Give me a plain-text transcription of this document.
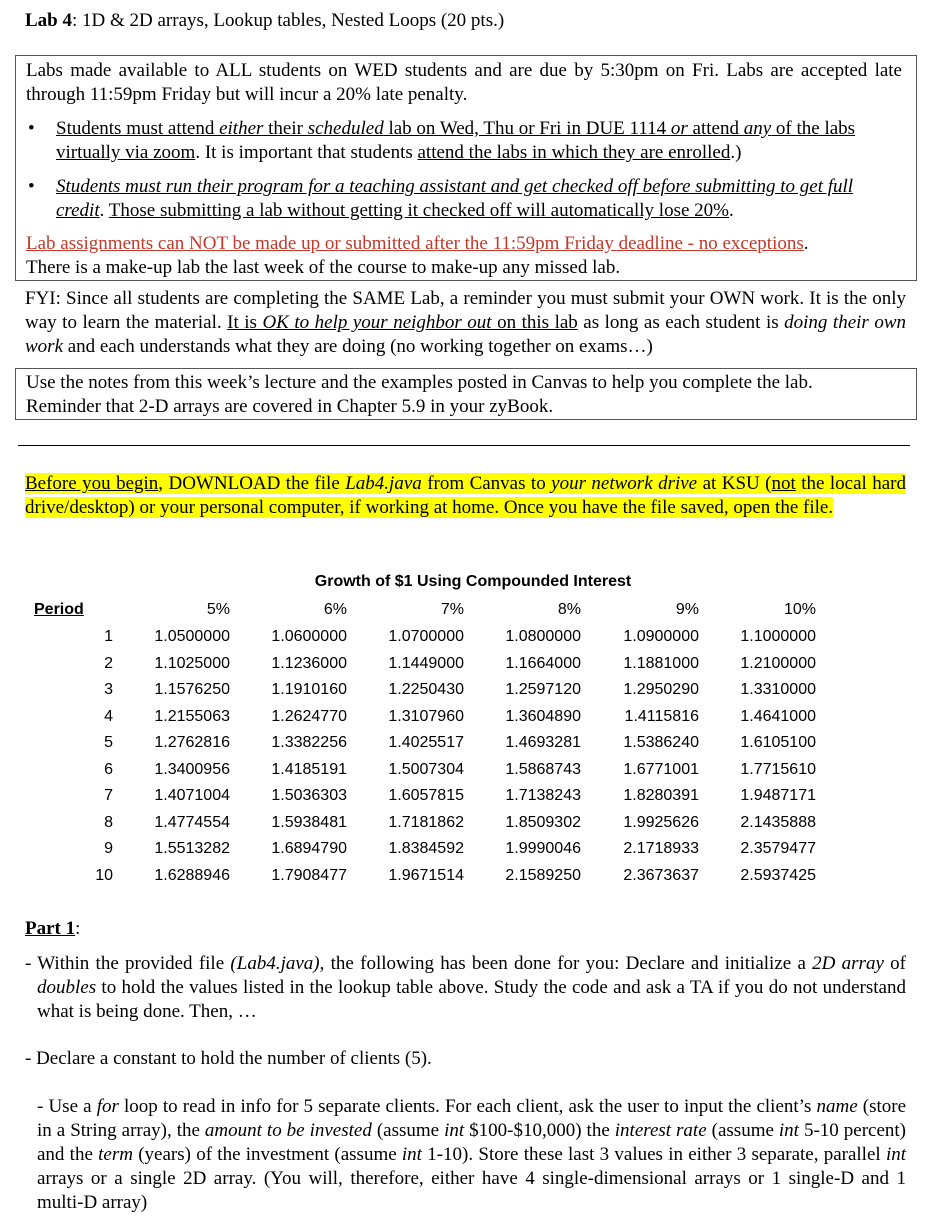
Lab 4: 1D & 2D arrays, Lookup tables, Nested Loops (20 pts.)
Labs made available to ALL students on WED students and are due by 5:30pm on Fri. Labs are accepted late through 11:59pm Friday but will incur a 20% late penalty.
• Students must attend either their scheduled lab on Wed, Thu or Fri in DUE 1114 or attend any of the labs virtually via zoom. It is important that students attend the labs in which they are enrolled.)
• Students must run their program for a teaching assistant and get checked off before submitting to get full credit. Those submitting a lab without getting it checked off will automatically lose 20%.
Lab assignments can NOT be made up or submitted after the 11:59pm Friday deadline - no exceptions.
There is a make-up lab the last week of the course to make-up any missed lab.
FYI: Since all students are completing the SAME Lab, a reminder you must submit your OWN work. It is the only way to learn the material. It is OK to help your neighbor out on this lab as long as each student is doing their own work and each understands what they are doing (no working together on exams…)
Use the notes from this week’s lecture and the examples posted in Canvas to help you complete the lab.
Reminder that 2-D arrays are covered in Chapter 5.9 in your zyBook.
Before you begin, DOWNLOAD the file Lab4.java from Canvas to your network drive at KSU (not the local hard drive/desktop) or your personal computer, if working at home. Once you have the file saved, open the file.
Growth of $1 Using Compounded Interest
Period	5%	6%	7%	8%	9%	10%
1	1.0500000	1.0600000	1.0700000	1.0800000	1.0900000	1.1000000
2	1.1025000	1.1236000	1.1449000	1.1664000	1.1881000	1.2100000
3	1.1576250	1.1910160	1.2250430	1.2597120	1.2950290	1.3310000
4	1.2155063	1.2624770	1.3107960	1.3604890	1.4115816	1.4641000
5	1.2762816	1.3382256	1.4025517	1.4693281	1.5386240	1.6105100
6	1.3400956	1.4185191	1.5007304	1.5868743	1.6771001	1.7715610
7	1.4071004	1.5036303	1.6057815	1.7138243	1.8280391	1.9487171
8	1.4774554	1.5938481	1.7181862	1.8509302	1.9925626	2.1435888
9	1.5513282	1.6894790	1.8384592	1.9990046	2.1718933	2.3579477
10	1.6288946	1.7908477	1.9671514	2.1589250	2.3673637	2.5937425
Part 1:
- Within the provided file (Lab4.java), the following has been done for you: Declare and initialize a 2D array of doubles to hold the values listed in the lookup table above. Study the code and ask a TA if you do not understand what is being done. Then, …
- Declare a constant to hold the number of clients (5).
- Use a for loop to read in info for 5 separate clients. For each client, ask the user to input the client’s name (store in a String array), the amount to be invested (assume int $100-$10,000) the interest rate (assume int 5-10 percent) and the term (years) of the investment (assume int 1-10). Store these last 3 values in either 3 separate, parallel int arrays or a single 2D array. (You will, therefore, either have 4 single-dimensional arrays or 1 single-D and 1 multi-D array)
